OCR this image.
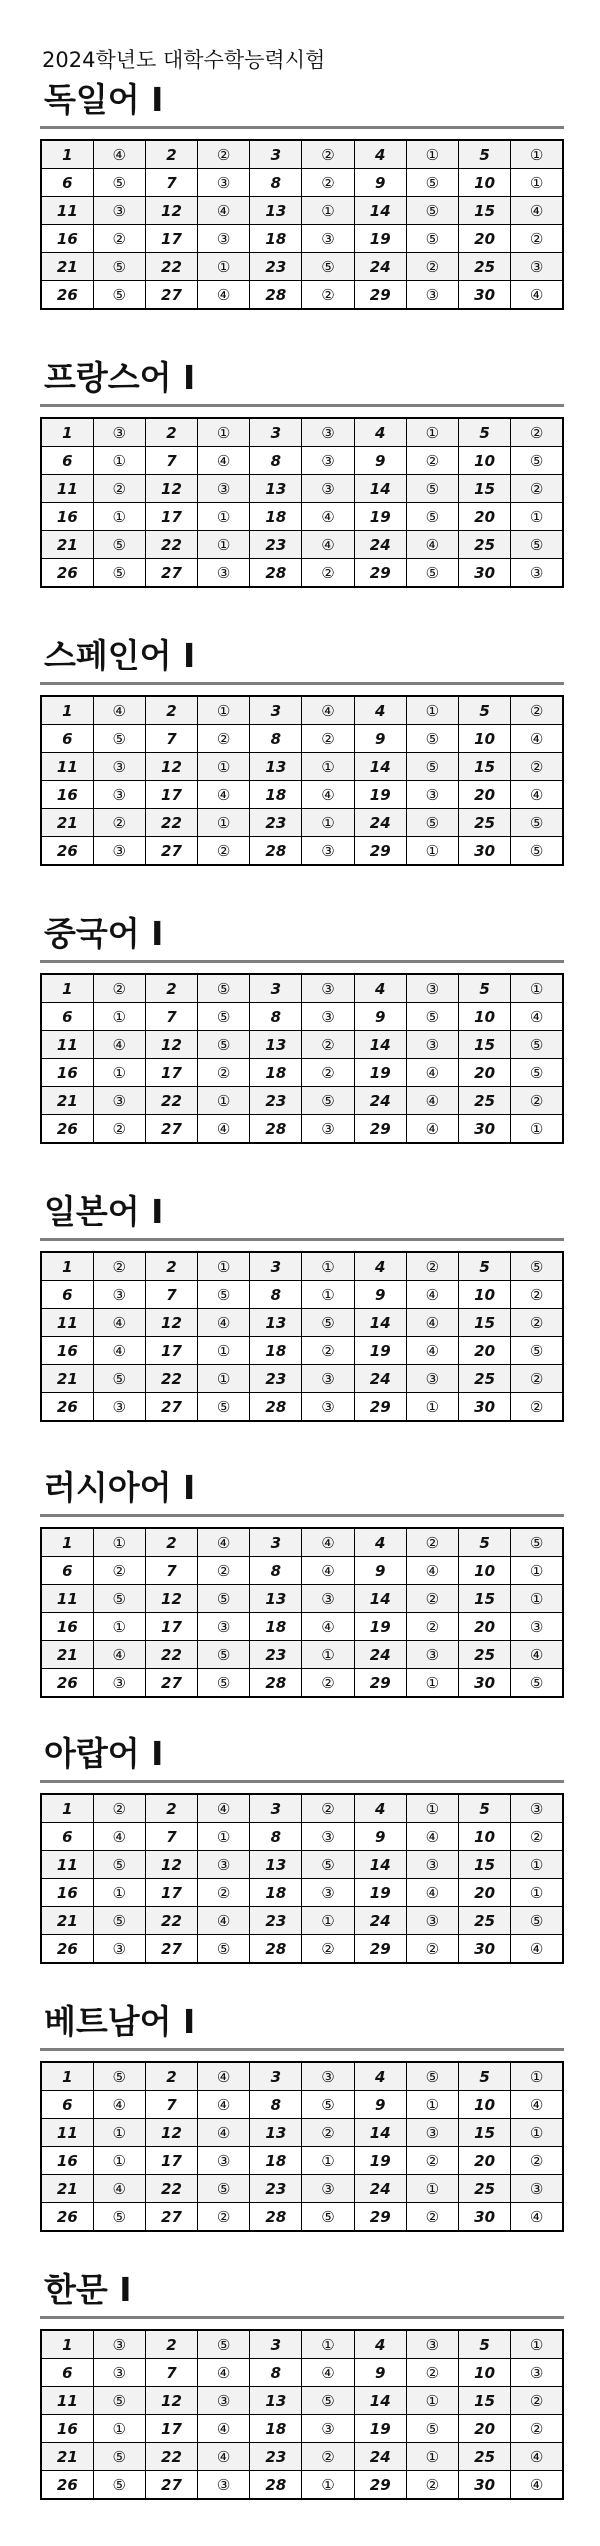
2024학년도 대학수학능력시험
독일어 I
1	④	2	②	3	②	4	①	5	①
6	⑤	7	③	8	②	9	⑤	10	①
11	③	12	④	13	①	14	⑤	15	④
16	②	17	③	18	③	19	⑤	20	②
21	⑤	22	①	23	⑤	24	②	25	③
26	⑤	27	④	28	②	29	③	30	④
프랑스어 I
1	③	2	①	3	③	4	①	5	②
6	①	7	④	8	③	9	②	10	⑤
11	②	12	③	13	③	14	⑤	15	②
16	①	17	①	18	④	19	⑤	20	①
21	⑤	22	①	23	④	24	④	25	⑤
26	⑤	27	③	28	②	29	⑤	30	③
스페인어 I
1	④	2	①	3	④	4	①	5	②
6	⑤	7	②	8	②	9	⑤	10	④
11	③	12	①	13	①	14	⑤	15	②
16	③	17	④	18	④	19	③	20	④
21	②	22	①	23	①	24	⑤	25	⑤
26	③	27	②	28	③	29	①	30	⑤
중국어 I
1	②	2	⑤	3	③	4	③	5	①
6	①	7	⑤	8	③	9	⑤	10	④
11	④	12	⑤	13	②	14	③	15	⑤
16	①	17	②	18	②	19	④	20	⑤
21	③	22	①	23	⑤	24	④	25	②
26	②	27	④	28	③	29	④	30	①
일본어 I
1	②	2	①	3	①	4	②	5	⑤
6	③	7	⑤	8	①	9	④	10	②
11	④	12	④	13	⑤	14	④	15	②
16	④	17	①	18	②	19	④	20	⑤
21	⑤	22	①	23	③	24	③	25	②
26	③	27	⑤	28	③	29	①	30	②
러시아어 I
1	①	2	④	3	④	4	②	5	⑤
6	②	7	②	8	④	9	④	10	①
11	⑤	12	⑤	13	③	14	②	15	①
16	①	17	③	18	④	19	②	20	③
21	④	22	⑤	23	①	24	③	25	④
26	③	27	⑤	28	②	29	①	30	⑤
아랍어 I
1	②	2	④	3	②	4	①	5	③
6	④	7	①	8	③	9	④	10	②
11	⑤	12	③	13	⑤	14	③	15	①
16	①	17	②	18	③	19	④	20	①
21	⑤	22	④	23	①	24	③	25	⑤
26	③	27	⑤	28	②	29	②	30	④
베트남어 I
1	⑤	2	④	3	③	4	⑤	5	①
6	④	7	④	8	⑤	9	①	10	④
11	①	12	④	13	②	14	③	15	①
16	①	17	③	18	①	19	②	20	②
21	④	22	⑤	23	③	24	①	25	③
26	⑤	27	②	28	⑤	29	②	30	④
한문 I
1	③	2	⑤	3	①	4	③	5	①
6	③	7	④	8	④	9	②	10	③
11	⑤	12	③	13	⑤	14	①	15	②
16	①	17	④	18	③	19	⑤	20	②
21	⑤	22	④	23	②	24	①	25	④
26	⑤	27	③	28	①	29	②	30	④
